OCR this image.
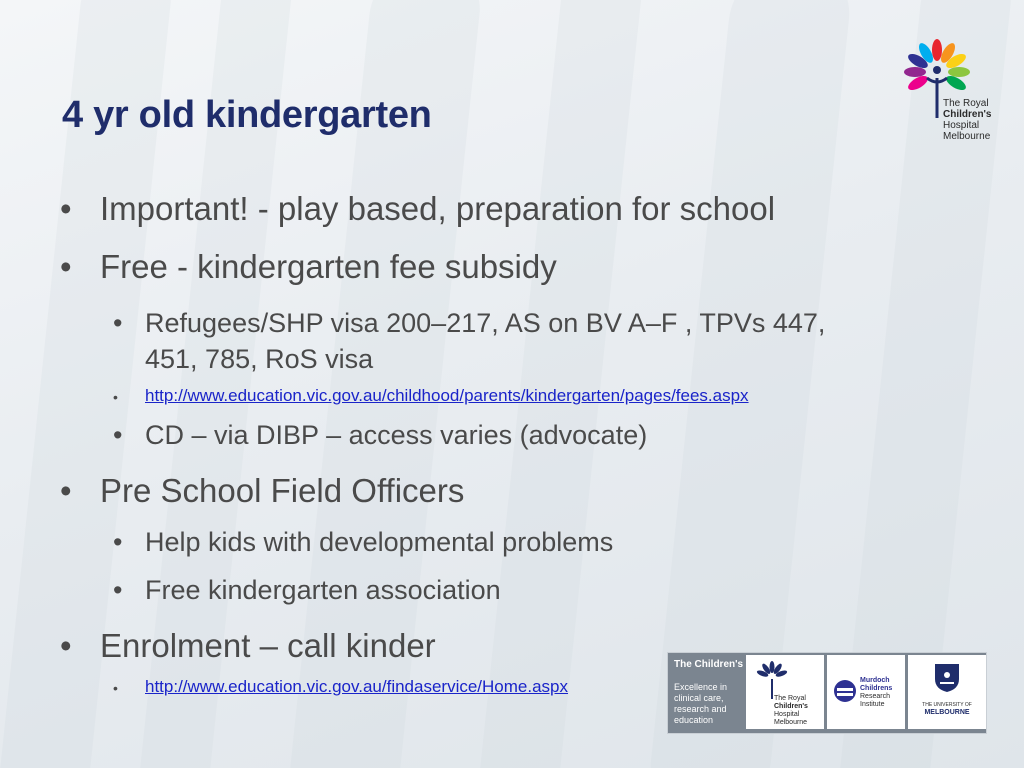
The Royal
Children's
Hospital
Melbourne
4 yr old kindergarten
• Important! - play based, preparation for school
• Free - kindergarten fee subsidy
• Refugees/SHP visa 200–217, AS on BV A–F , TPVs 447,
451, 785, RoS visa
• http://www.education.vic.gov.au/childhood/parents/kindergarten/pages/fees.aspx
• CD – via DIBP – access varies (advocate)
• Pre School Field Officers
• Help kids with developmental problems
• Free kindergarten association
• Enrolment – call kinder
• http://www.education.vic.gov.au/findaservice/Home.aspx
The Children's
Excellence in
clinical care,
research and
education
The Royal
Children's
Hospital
Melbourne
Murdoch
Childrens
Research
Institute	THE UNIVERSITY OF
MELBOURNE
